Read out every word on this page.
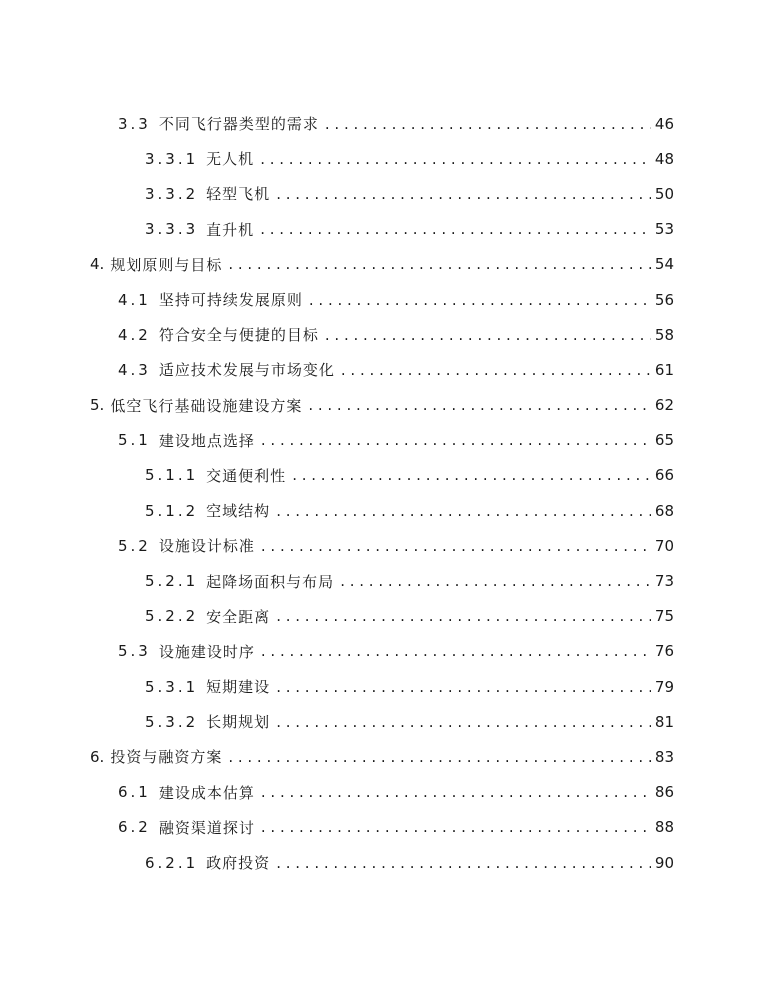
3.3 不同飞行器类型的需求 . . .	46
3.3.1 无人机 . . .	48
3.3.2 轻型飞机 . . .	50
3.3.3 直升机 . . .	53
4. 规划原则与目标 . . .	54
4.1 坚持可持续发展原则 . . .	56
4.2 符合安全与便捷的目标 . . .	58
4.3 适应技术发展与市场变化 . . .	61
5. 低空飞行基础设施建设方案 . . .	62
5.1 建设地点选择 . . .	65
5.1.1 交通便利性 . . .	66
5.1.2 空域结构 . . .	68
5.2 设施设计标准 . . .	70
5.2.1 起降场面积与布局 . . .	73
5.2.2 安全距离 . . .	75
5.3 设施建设时序 . . .	76
5.3.1 短期建设 . . .	79
5.3.2 长期规划 . . .	81
6. 投资与融资方案 . . .	83
6.1 建设成本估算 . . .	86
6.2 融资渠道探讨 . . .	88
6.2.1 政府投资 . . .	90
